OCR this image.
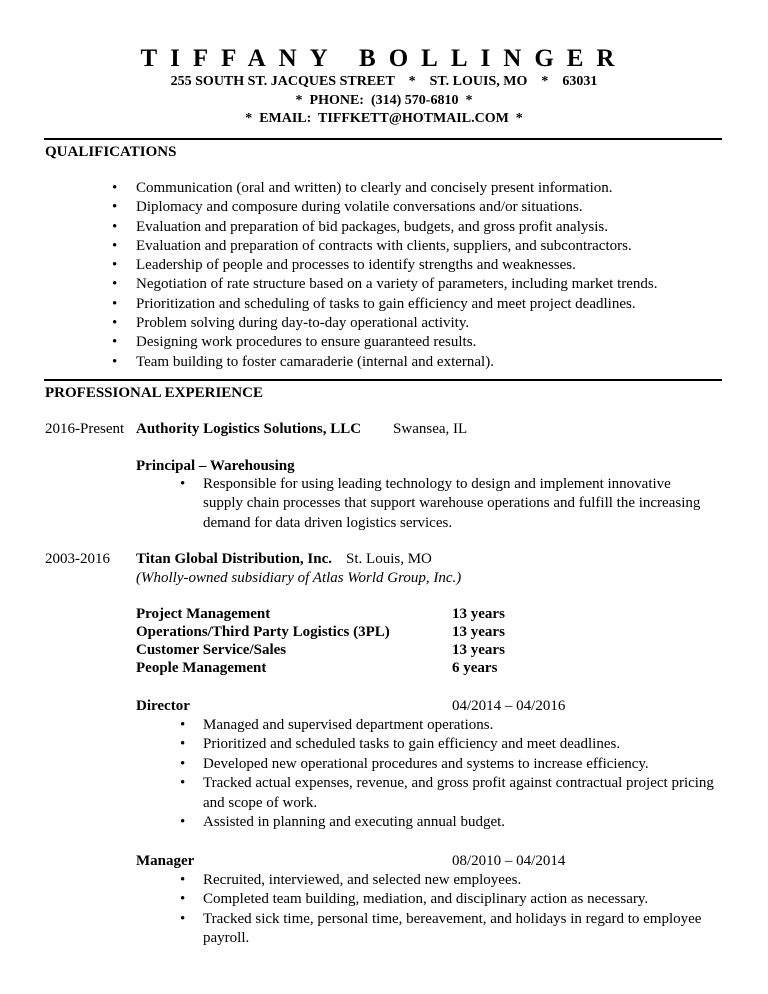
TIFFANY BOLLINGER
255 SOUTH ST. JACQUES STREET    *    ST. LOUIS, MO    *    63031
*  PHONE:  (314) 570-6810  *
*  EMAIL:  TIFFKETT@HOTMAIL.COM  *
QUALIFICATIONS
• Communication (oral and written) to clearly and concisely present information.
• Diplomacy and composure during volatile conversations and/or situations.
• Evaluation and preparation of bid packages, budgets, and gross profit analysis.
• Evaluation and preparation of contracts with clients, suppliers, and subcontractors.
• Leadership of people and processes to identify strengths and weaknesses.
• Negotiation of rate structure based on a variety of parameters, including market trends.
• Prioritization and scheduling of tasks to gain efficiency and meet project deadlines.
• Problem solving during day-to-day operational activity.
• Designing work procedures to ensure guaranteed results.
• Team building to foster camaraderie (internal and external).
PROFESSIONAL EXPERIENCE
2016-Present Authority Logistics Solutions, LLC Swansea, IL
Principal – Warehousing
• Responsible for using leading technology to design and implement innovative supply chain processes that support warehouse operations and fulfill the increasing demand for data driven logistics services.
2003-2016 Titan Global Distribution, Inc. St. Louis, MO
(Wholly-owned subsidiary of Atlas World Group, Inc.)
Project Management	13 years
Operations/Third Party Logistics (3PL)	13 years
Customer Service/Sales	13 years
People Management	6 years
Director	04/2014 – 04/2016
• Managed and supervised department operations.
• Prioritized and scheduled tasks to gain efficiency and meet deadlines.
• Developed new operational procedures and systems to increase efficiency.
• Tracked actual expenses, revenue, and gross profit against contractual project pricing and scope of work.
• Assisted in planning and executing annual budget.
Manager	08/2010 – 04/2014
• Recruited, interviewed, and selected new employees.
• Completed team building, mediation, and disciplinary action as necessary.
• Tracked sick time, personal time, bereavement, and holidays in regard to employee payroll.
